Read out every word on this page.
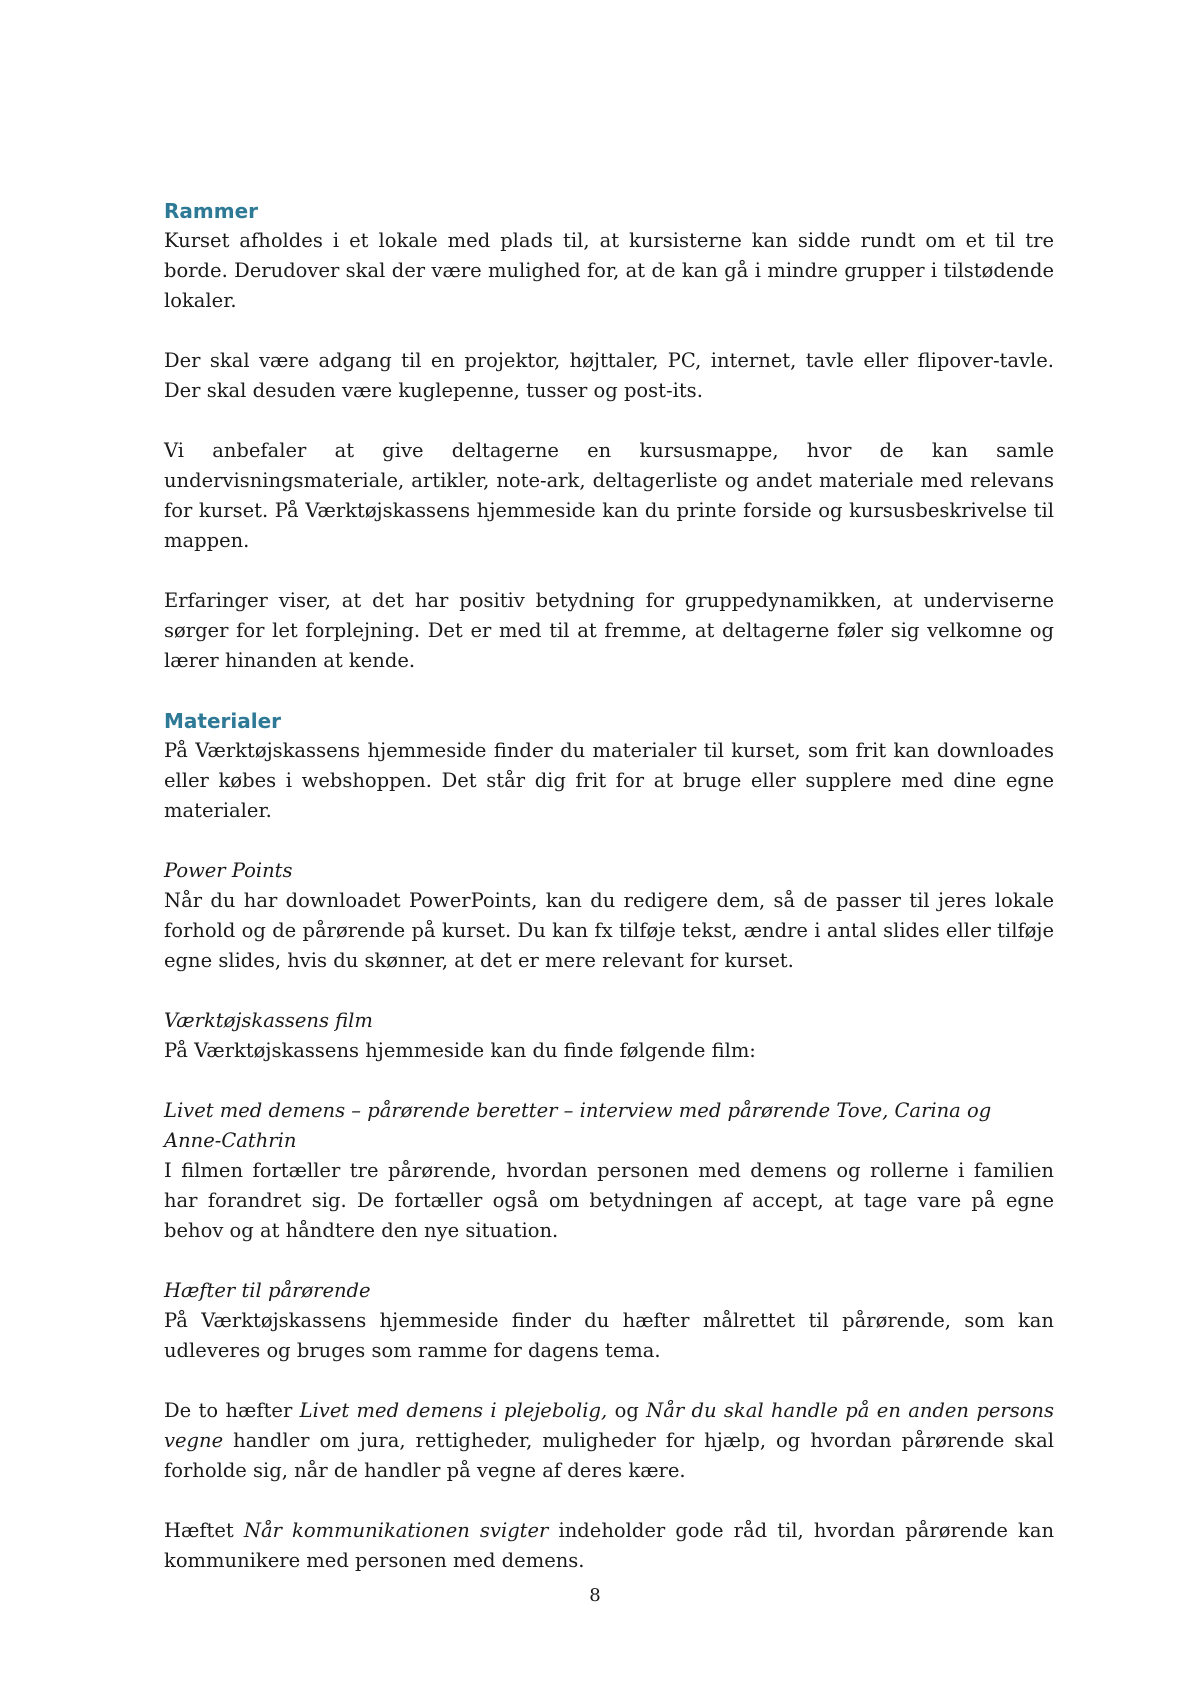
Rammer

Kurset afholdes i et lokale med plads til, at kursisterne kan sidde rundt om et til tre borde. Derudover skal der være mulighed for, at de kan gå i mindre grupper i tilstødende lokaler.

Der skal være adgang til en projektor, højttaler, PC, internet, tavle eller flipover-tavle. Der skal desuden være kuglepenne, tusser og post-its.

Vi anbefaler at give deltagerne en kursusmappe, hvor de kan samle undervisningsmateriale, artikler, note-ark, deltagerliste og andet materiale med relevans for kurset. På Værktøjskassens hjemmeside kan du printe forside og kursusbeskrivelse til mappen.

Erfaringer viser, at det har positiv betydning for gruppedynamikken, at underviserne sørger for let forplejning. Det er med til at fremme, at deltagerne føler sig velkomne og lærer hinanden at kende.

Materialer

På Værktøjskassens hjemmeside finder du materialer til kurset, som frit kan downloades eller købes i webshoppen. Det står dig frit for at bruge eller supplere med dine egne materialer.

Power Points

Når du har downloadet PowerPoints, kan du redigere dem, så de passer til jeres lokale forhold og de pårørende på kurset. Du kan fx tilføje tekst, ændre i antal slides eller tilføje egne slides, hvis du skønner, at det er mere relevant for kurset.

Værktøjskassens film

På Værktøjskassens hjemmeside kan du finde følgende film:

Livet med demens – pårørende beretter – interview med pårørende Tove, Carina og Anne-Cathrin

I filmen fortæller tre pårørende, hvordan personen med demens og rollerne i familien har forandret sig. De fortæller også om betydningen af accept, at tage vare på egne behov og at håndtere den nye situation.

Hæfter til pårørende

På Værktøjskassens hjemmeside finder du hæfter målrettet til pårørende, som kan udleveres og bruges som ramme for dagens tema.

De to hæfter Livet med demens i plejebolig, og Når du skal handle på en anden persons vegne handler om jura, rettigheder, muligheder for hjælp, og hvordan pårørende skal forholde sig, når de handler på vegne af deres kære.

Hæftet Når kommunikationen svigter indeholder gode råd til, hvordan pårørende kan kommunikere med personen med demens.

8
